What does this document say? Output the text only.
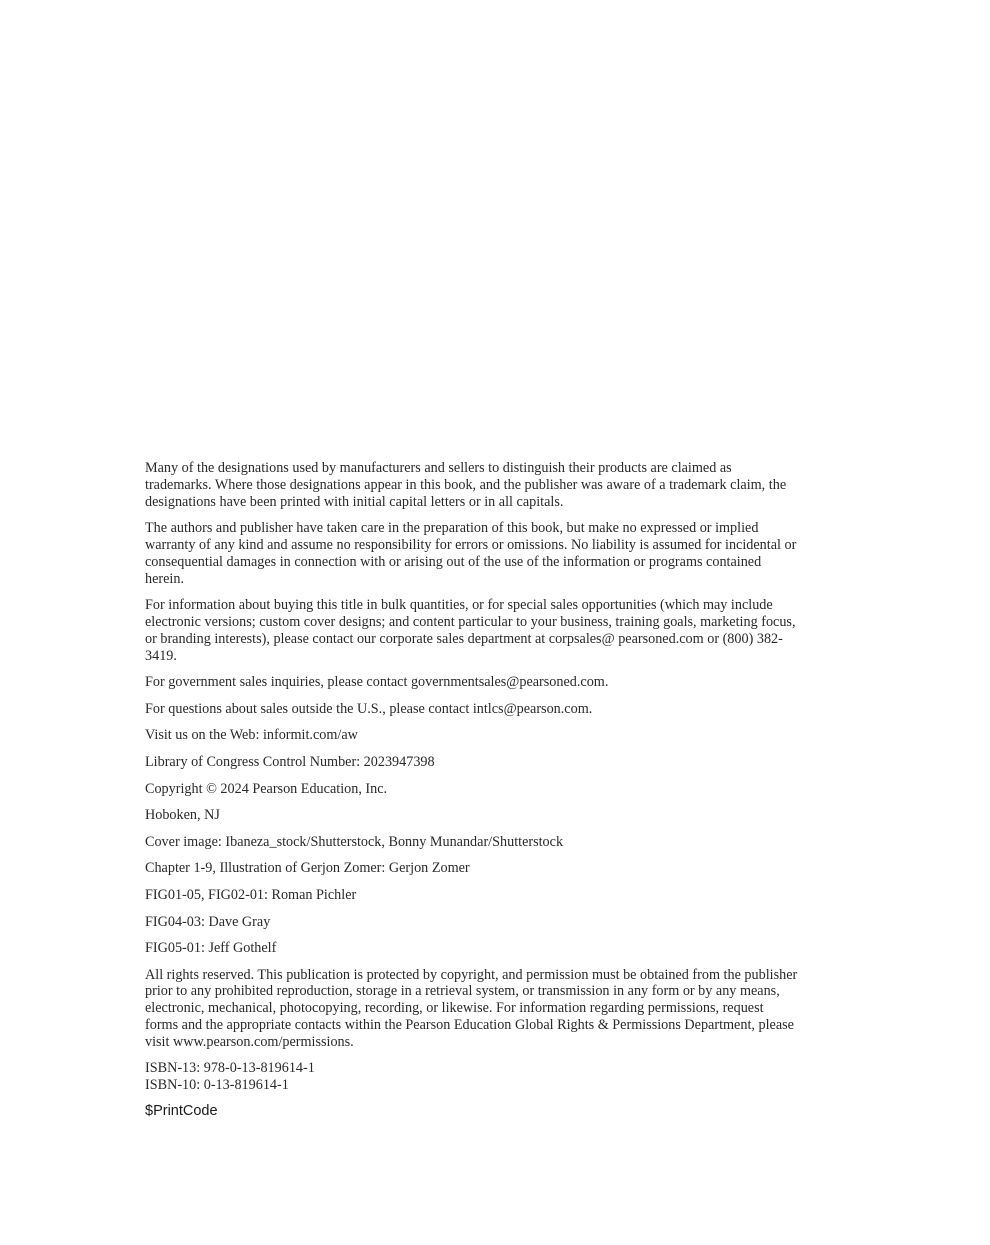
Many of the designations used by manufacturers and sellers to distinguish their products are claimed as trademarks. Where those designations appear in this book, and the publisher was aware of a trademark claim, the designations have been printed with initial capital letters or in all capitals.

The authors and publisher have taken care in the preparation of this book, but make no expressed or implied warranty of any kind and assume no responsibility for errors or omissions. No liability is assumed for incidental or consequential damages in connection with or arising out of the use of the information or programs contained herein.

For information about buying this title in bulk quantities, or for special sales opportunities (which may include electronic versions; custom cover designs; and content particular to your business, training goals, marketing focus, or branding interests), please contact our corporate sales department at corpsales@ pearsoned.com or (800) 382-3419.

For government sales inquiries, please contact governmentsales@pearsoned.com.

For questions about sales outside the U.S., please contact intlcs@pearson.com.

Visit us on the Web: informit.com/aw

Library of Congress Control Number: 2023947398

Copyright © 2024 Pearson Education, Inc.

Hoboken, NJ

Cover image: Ibaneza_stock/Shutterstock, Bonny Munandar/Shutterstock

Chapter 1-9, Illustration of Gerjon Zomer: Gerjon Zomer

FIG01-05, FIG02-01: Roman Pichler

FIG04-03: Dave Gray

FIG05-01: Jeff Gothelf

All rights reserved. This publication is protected by copyright, and permission must be obtained from the publisher prior to any prohibited reproduction, storage in a retrieval system, or transmission in any form or by any means, electronic, mechanical, photocopying, recording, or likewise. For information regarding permissions, request forms and the appropriate contacts within the Pearson Education Global Rights & Permissions Department, please visit www.pearson.com/permissions.

ISBN-13: 978-0-13-819614-1
ISBN-10: 0-13-819614-1
$PrintCode
